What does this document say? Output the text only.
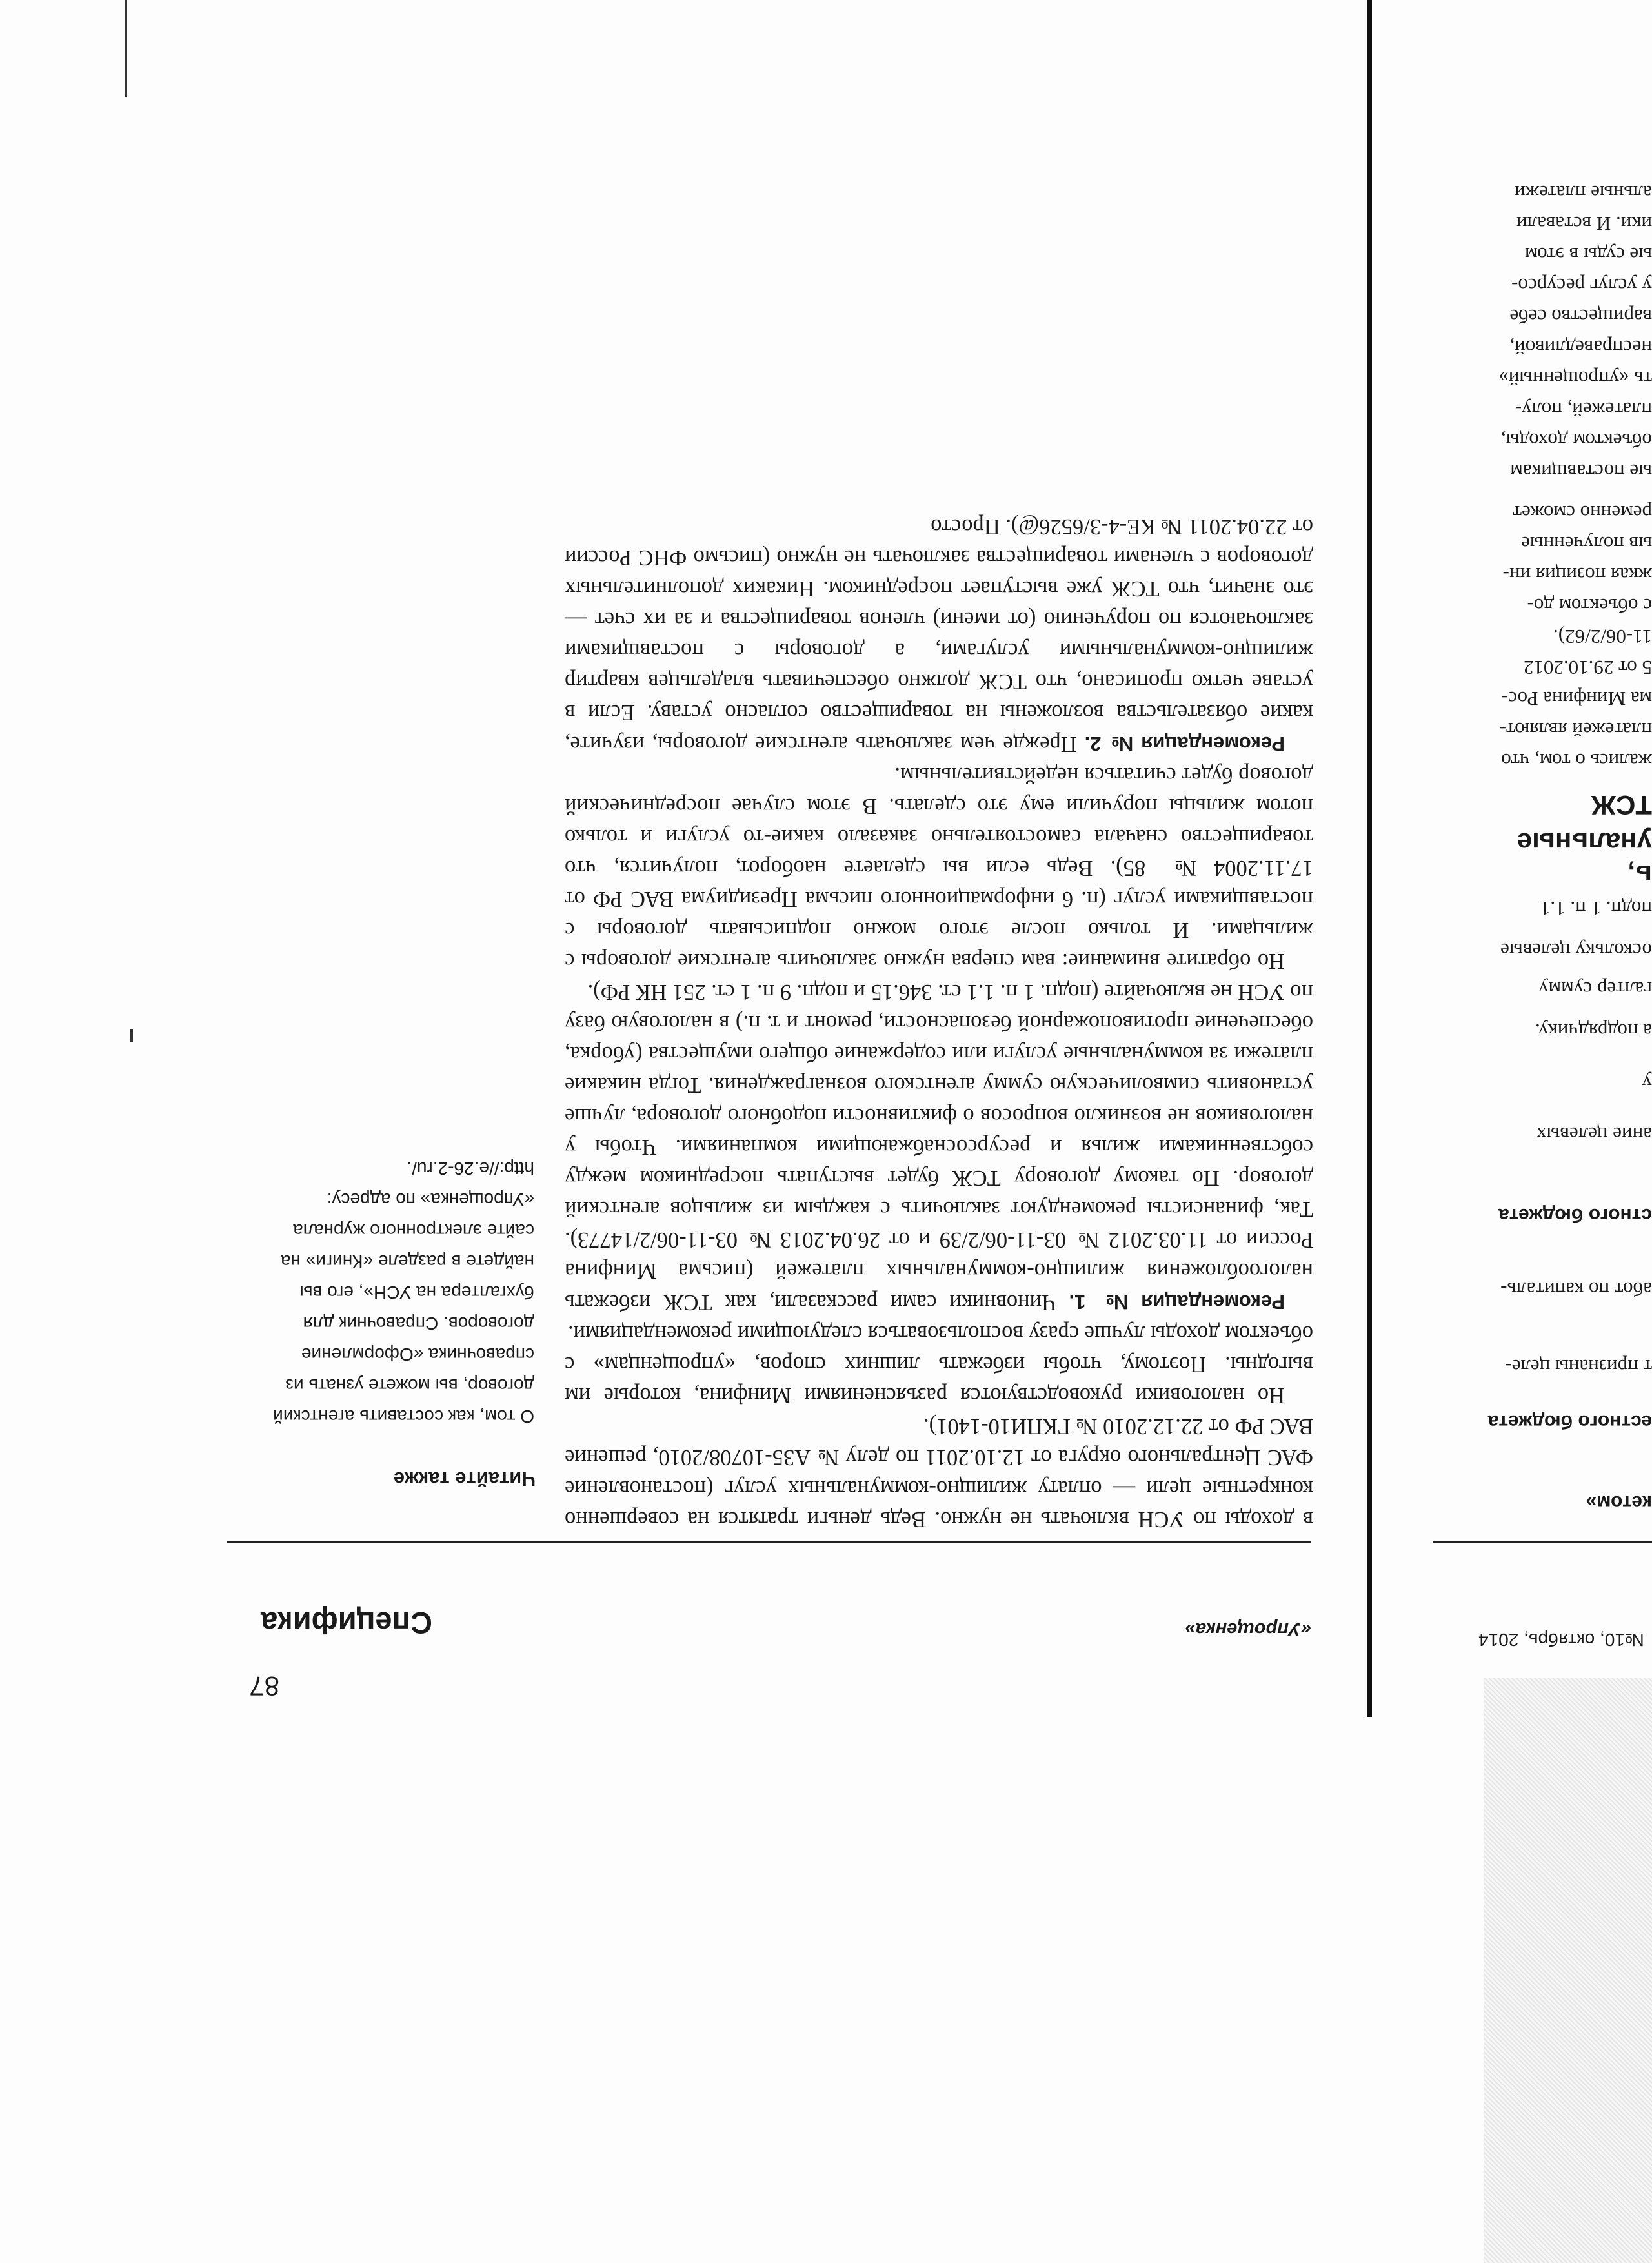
87
Специфика	«Упрощенка»
Читайте также
О том, как составить агентский договор, вы можете узнать из справочника «Оформление договоров. Справочник для бухгалтера на УСН», его вы найдете в разделе «Книги» на сайте электронного журнала «Упрощенка» по адресу: http://e.26-2.ru/.

в доходы по УСН включать не нужно. Ведь деньги тратятся на совершенно конкретные цели — оплату жилищно-коммунальных услуг (постановление ФАС Центрального округа от 12.10.2011 по делу № А35-10708/2010, решение ВАС РФ от 22.12.2010 № ГКПИ10-1401).

Но налоговики руководствуются разъяснениями Минфина, которые им выгодны. Поэтому, чтобы избежать лишних споров, «упрощенцам» с объектом доходы лучше сразу воспользоваться следующими рекомендациями.

Рекомендация № 1. Чиновники сами рассказали, как ТСЖ избежать налогообложения жилищно-коммунальных платежей (письма Минфина России от 11.03.2012 № 03-11-06/2/39 и от 26.04.2013 № 03-11-06/2/14773). Так, финансисты рекомендуют заключить с каждым из жильцов агентский договор. По такому договору ТСЖ будет выступать посредником между собственниками жилья и ресурсоснабжающими компаниями. Чтобы у налоговиков не возникло вопросов о фиктивности подобного договора, лучше установить символическую сумму агентского вознаграждения. Тогда никакие платежи за коммунальные услуги или содержание общего имущества (уборка, обеспечение противопожарной безопасности, ремонт и т. п.) в налоговую базу по УСН не включайте (подп. 1 п. 1.1 ст. 346.15 и подп. 9 п. 1 ст. 251 НК РФ).

Но обратите внимание: вам сперва нужно заключить агентские договоры с жильцами. И только после этого можно подписывать договоры с поставщиками услуг (п. 6 информационного письма Президиума ВАС РФ от 17.11.2004 № 85). Ведь если вы сделаете наоборот, получится, что товарищество сначала самостоятельно заказало какие-то услуги и только потом жильцы поручили ему это сделать. В этом случае посреднический договор будет считаться недействительным.

Рекомендация № 2. Прежде чем заключать агентские договоры, изучите, какие обязательства возложены на товарищество согласно уставу. Если в уставе четко прописано, что ТСЖ должно обеспечивать владельцев квартир жилищно-коммунальными услугами, а договоры с поставщиками заключаются по поручению (от имени) членов товарищества и за их счет — это значит, что ТСЖ уже выступает посредником. Никаких дополнительных договоров с членами товарищества заключать не нужно (письмо ФНС России от 22.04.2011 № КЕ-4-3/6526@). Просто

№10, октябрь, 2014
кетом»
естного бюджета
т признаны целе-
абот по капиталь-
стного бюджета
ание целевых
у
а подрядчику.
галтер сумму
оскольку целевые
подп. 1 п. 1.1
ь,
унальные
ТСЖ
жались о том, что
платежей являют-
ма Минфина Рос-
5 от 29.10.2012
11-06/2/62).
с объектом до-
жкая позиция ин-
ыв полученные
ременно сможет
ые поставщикам
объектом доходы,
платежей, полу-
ть «упрощенный»
несправедливой,
варищество себе
у услуг ресурсо-
ые суды в этом
ики. И вставали
альные платежи
